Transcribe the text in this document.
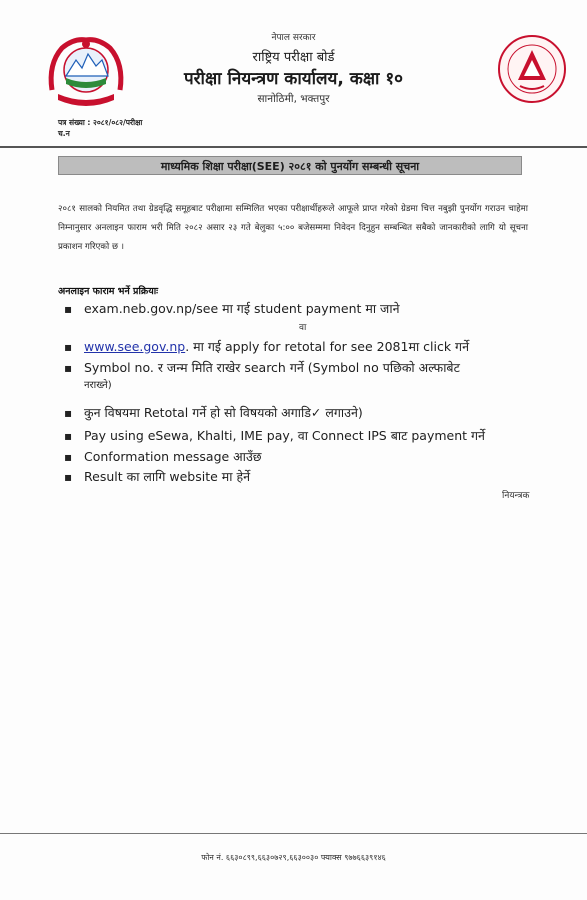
नेपाल सरकार
राष्ट्रिय परीक्षा बोर्ड
परीक्षा नियन्त्रण कार्यालय, कक्षा १०
सानोठिमी, भक्तपुर
पत्र संख्या : २०८१/०८२/परीक्षा
च.न
माध्यमिक शिक्षा परीक्षा(SEE) २०८१ को पुनर्योग सम्बन्धी सूचना

२०८१ सालको नियमित तथा ग्रेडवृद्धि समूहबाट परीक्षामा सम्मिलित भएका परीक्षार्थीहरूले आफूले प्राप्त गरेको ग्रेडमा चित्त नबुझी पुनर्योग गराउन चाहेमा निम्नानुसार अनलाइन फाराम भरी मिति २०८२ असार २३ गते बेलुका ५:०० बजेसम्ममा निवेदन दिनुहुन सम्बन्धित सबैको जानकारीको लागि यो सूचना प्रकाशन गरिएको छ ।

अनलाइन फाराम भर्ने प्रक्रियाः
▪ exam.neb.gov.np/see मा गई student payment मा जाने
वा
▪ www.see.gov.np. मा गई apply for retotal for see 2081मा click गर्ने
▪ Symbol no. र जन्म मिति राखेर search गर्ने (Symbol no पछिको अल्फाबेट
नराख्ने)
▪ कुन विषयमा Retotal गर्ने हो सो विषयको अगाडि✓ लगाउने)
▪ Pay using eSewa, Khalti, IME pay, वा Connect IPS बाट payment गर्ने
▪ Conformation message आउँछ
▪ Result का लागि website मा हेर्ने
नियन्त्रक
फोन नं. ६६३०८९९,६६३०७२९,६६३००३० फ्याक्स ९७७६६३९१४६
